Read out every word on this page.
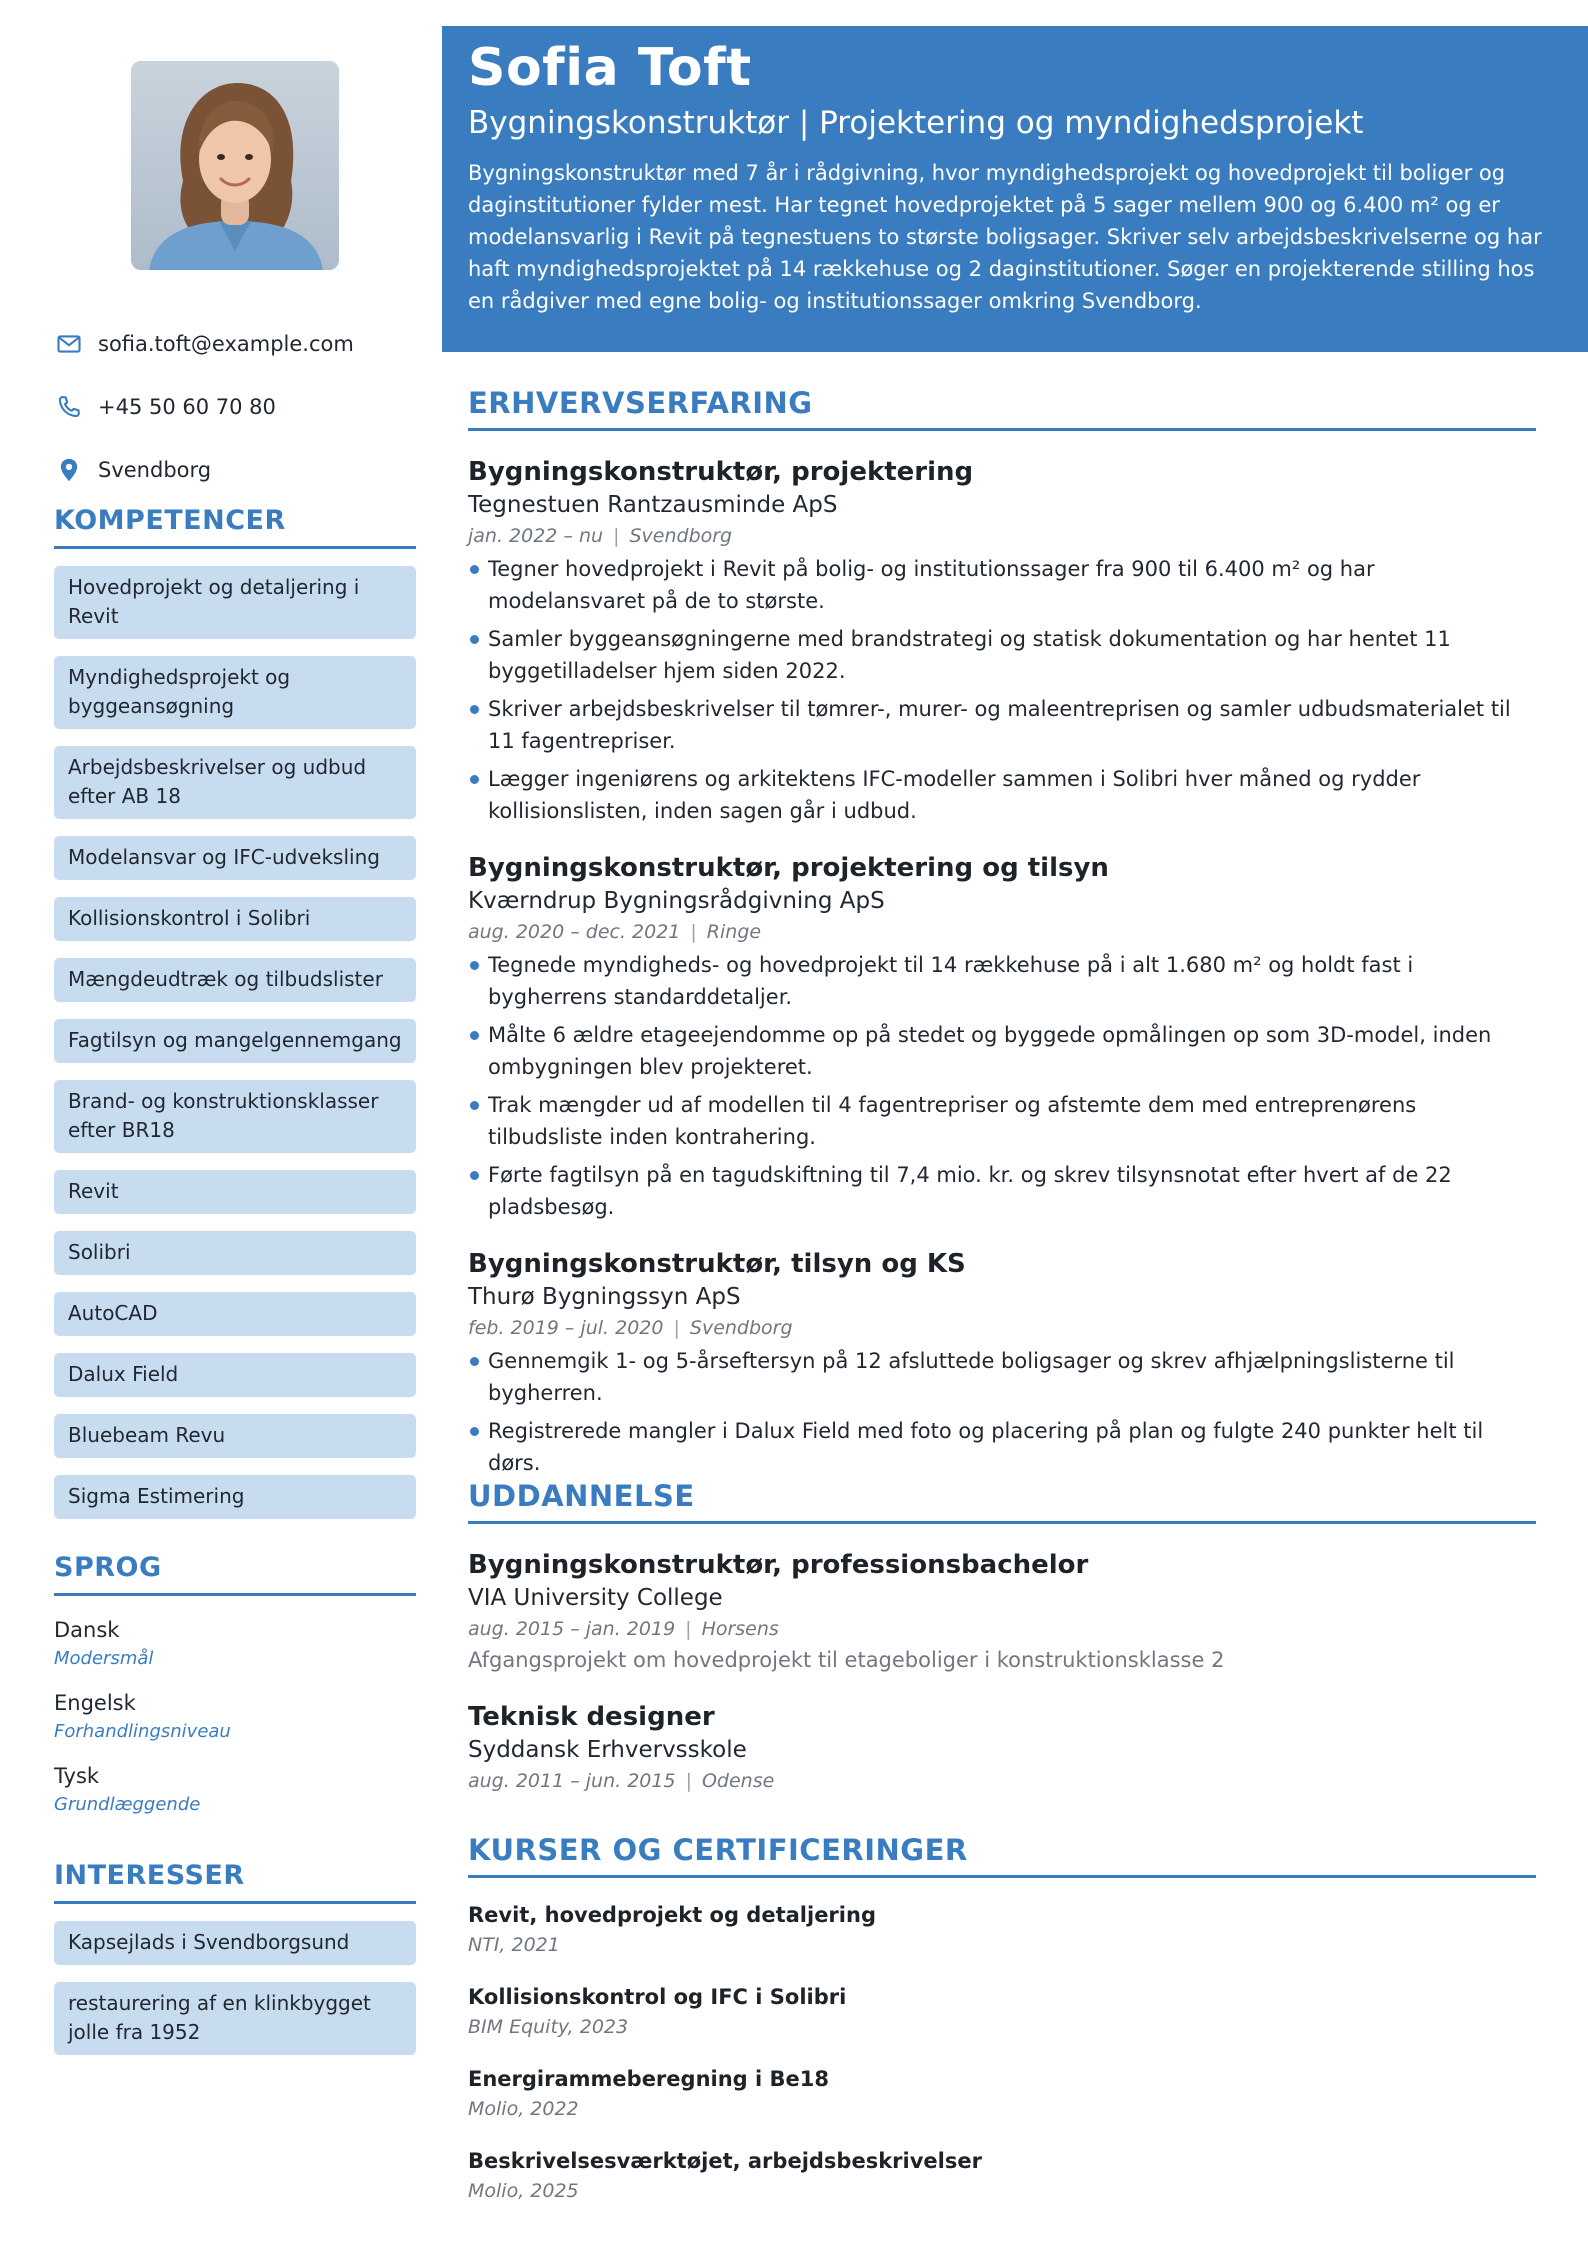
sofia.toft@example.com
+45 50 60 70 80
Svendborg
KOMPETENCER
Hovedprojekt og detaljering i Revit
Myndighedsprojekt og byggeansøgning
Arbejdsbeskrivelser og udbud efter AB 18
Modelansvar og IFC-udveksling
Kollisionskontrol i Solibri
Mængdeudtræk og tilbudslister
Fagtilsyn og mangelgennemgang
Brand- og konstruktionsklasser efter BR18
Revit
Solibri
AutoCAD
Dalux Field
Bluebeam Revu
Sigma Estimering
SPROG
Dansk
Modersmål
Engelsk
Forhandlingsniveau
Tysk
Grundlæggende
INTERESSER
Kapsejlads i Svendborgsund
restaurering af en klinkbygget jolle fra 1952
Sofia Toft
Bygningskonstruktør | Projektering og myndighedsprojekt
Bygningskonstruktør med 7 år i rådgivning, hvor myndighedsprojekt og hovedprojekt til boliger og daginstitutioner fylder mest. Har tegnet hovedprojektet på 5 sager mellem 900 og 6.400 m² og er modelansvarlig i Revit på tegnestuens to største boligsager. Skriver selv arbejdsbeskrivelserne og har haft myndighedsprojektet på 14 rækkehuse og 2 daginstitutioner. Søger en projekterende stilling hos en rådgiver med egne bolig- og institutionssager omkring Svendborg.
ERHVERVSERFARING
Bygningskonstruktør, projektering
Tegnestuen Rantzausminde ApS
jan. 2022 – nu | Svendborg
Tegner hovedprojekt i Revit på bolig- og institutionssager fra 900 til 6.400 m² og har modelansvaret på de to største.
Samler byggeansøgningerne med brandstrategi og statisk dokumentation og har hentet 11 byggetilladelser hjem siden 2022.
Skriver arbejdsbeskrivelser til tømrer-, murer- og maleentreprisen og samler udbudsmaterialet til 11 fagentrepriser.
Lægger ingeniørens og arkitektens IFC-modeller sammen i Solibri hver måned og rydder kollisionslisten, inden sagen går i udbud.
Bygningskonstruktør, projektering og tilsyn
Kværndrup Bygningsrådgivning ApS
aug. 2020 – dec. 2021 | Ringe
Tegnede myndigheds- og hovedprojekt til 14 rækkehuse på i alt 1.680 m² og holdt fast i bygherrens standarddetaljer.
Målte 6 ældre etageejendomme op på stedet og byggede opmålingen op som 3D-model, inden ombygningen blev projekteret.
Trak mængder ud af modellen til 4 fagentrepriser og afstemte dem med entreprenørens tilbudsliste inden kontrahering.
Førte fagtilsyn på en tagudskiftning til 7,4 mio. kr. og skrev tilsynsnotat efter hvert af de 22 pladsbesøg.
Bygningskonstruktør, tilsyn og KS
Thurø Bygningssyn ApS
feb. 2019 – jul. 2020 | Svendborg
Gennemgik 1- og 5-årseftersyn på 12 afsluttede boligsager og skrev afhjælpningslisterne til bygherren.
Registrerede mangler i Dalux Field med foto og placering på plan og fulgte 240 punkter helt til dørs.
UDDANNELSE
Bygningskonstruktør, professionsbachelor
VIA University College
aug. 2015 – jan. 2019 | Horsens
Afgangsprojekt om hovedprojekt til etageboliger i konstruktionsklasse 2
Teknisk designer
Syddansk Erhvervsskole
aug. 2011 – jun. 2015 | Odense
KURSER OG CERTIFICERINGER
Revit, hovedprojekt og detaljering
NTI, 2021
Kollisionskontrol og IFC i Solibri
BIM Equity, 2023
Energirammeberegning i Be18
Molio, 2022
Beskrivelsesværktøjet, arbejdsbeskrivelser
Molio, 2025
